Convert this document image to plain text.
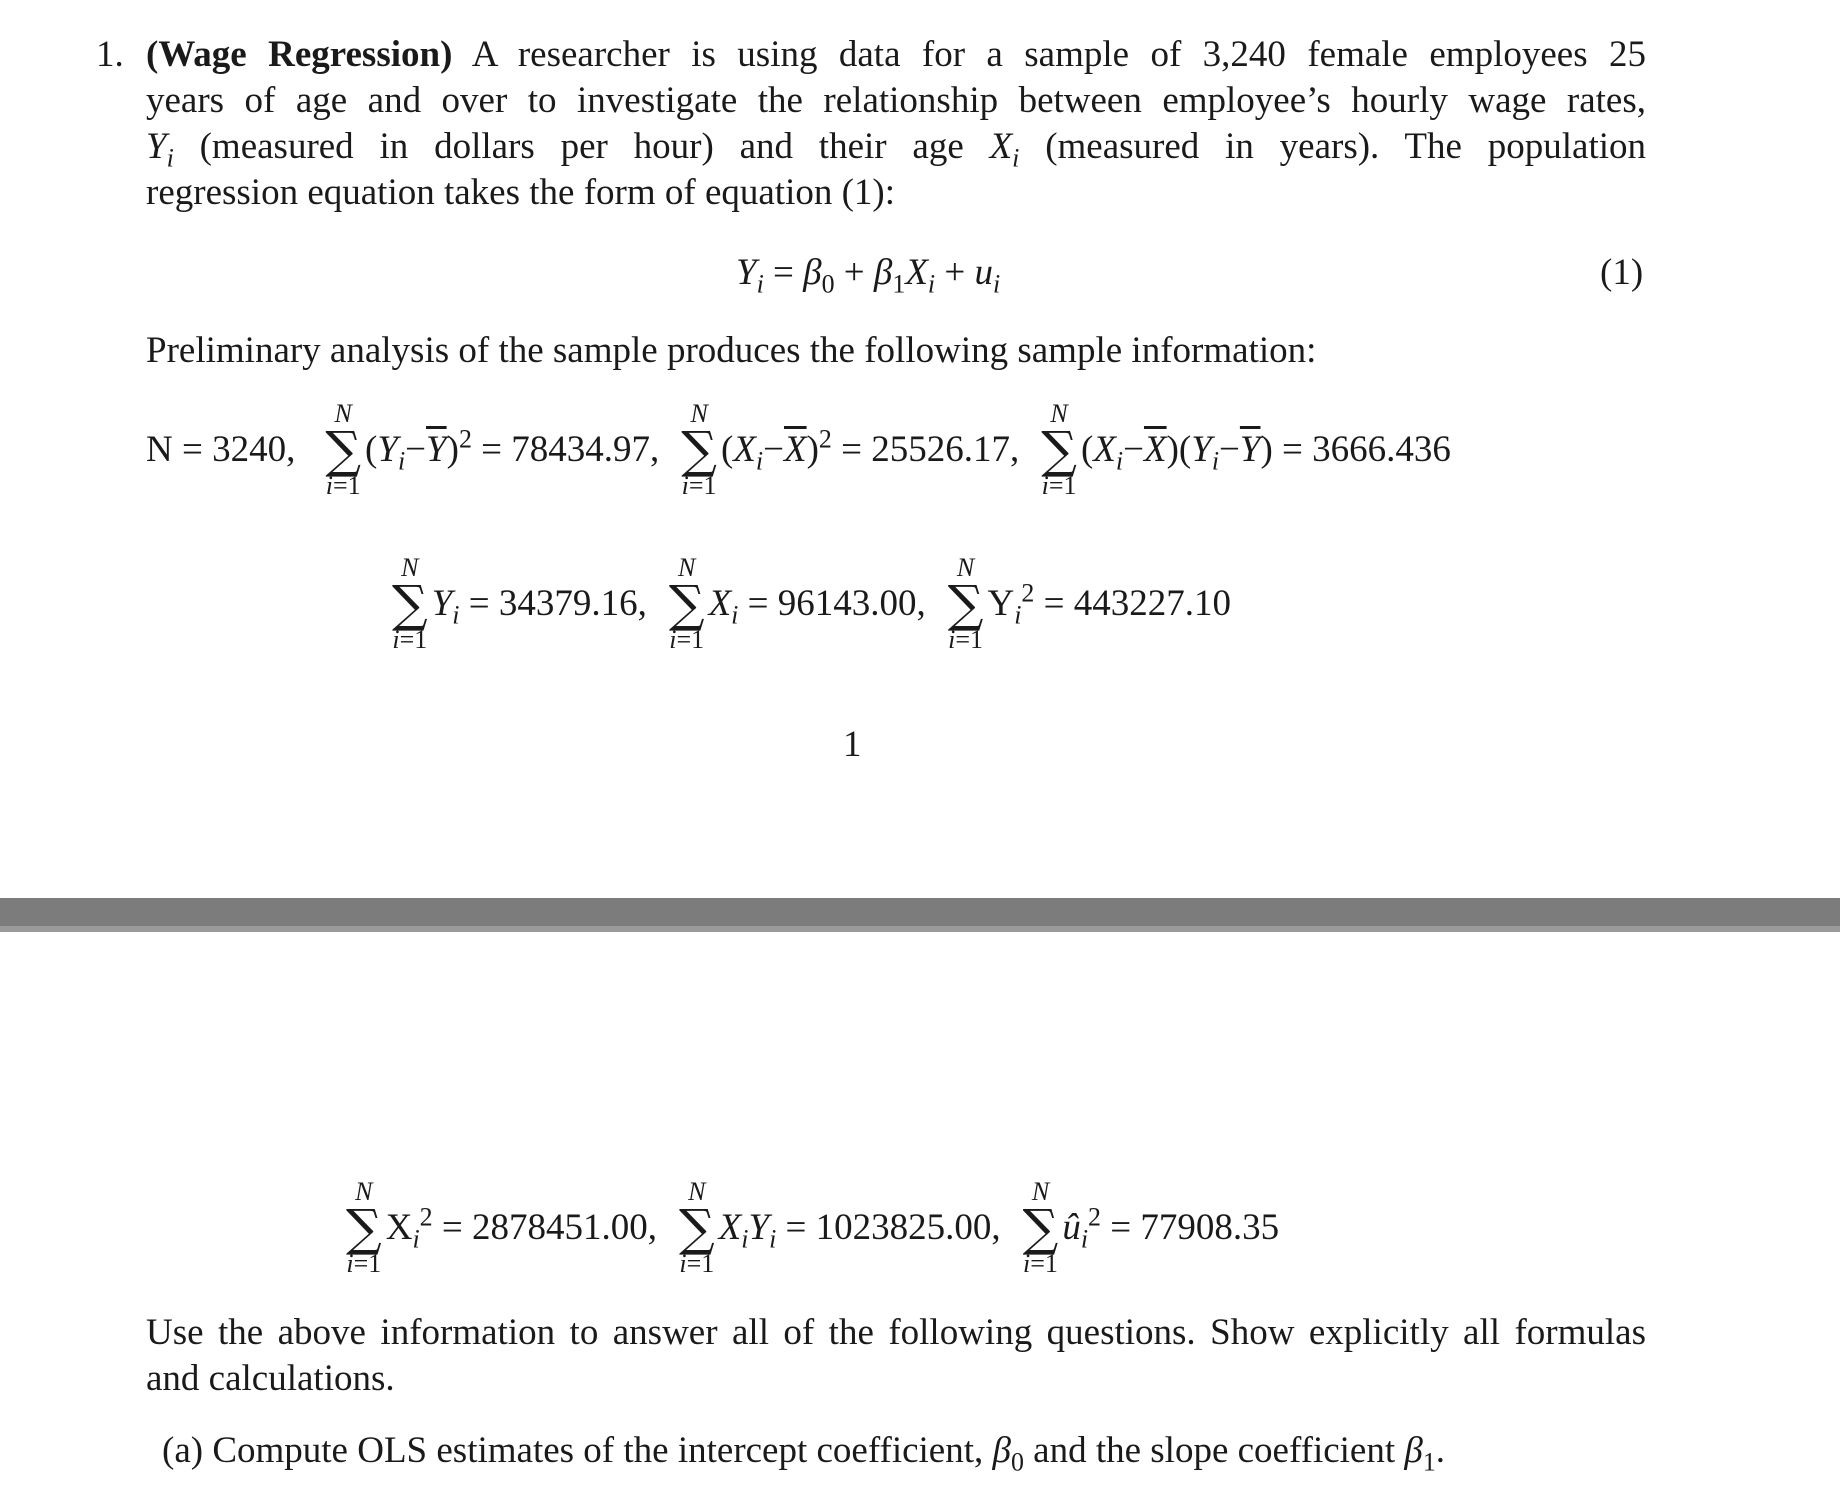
1. (Wage Regression) A researcher is using data for a sample of 3,240 female employees 25
years of age and over to investigate the relationship between employee’s hourly wage rates,
$Y_i$ (measured in dollars per hour) and their age $X_i$ (measured in years). The population
regression equation takes the form of equation (1):
$Y_i = \beta_0 + \beta_1X_i + u_i$	(1)
Preliminary analysis of the sample produces the following sample information:
N = 3240,
N
∑
i=1
$(Y_i-\overline{Y})^2 = 78434.97$,
N
∑
i=1
$(X_i-\overline{X})^2 = 25526.17$,
N
∑
i=1
$(X_i-\overline{X})(Y_i-\overline{Y}) = 3666.436$
N
∑
i=1
$Y_i = 34379.16$,
N
∑
i=1
$X_i = 96143.00$,
N
∑
i=1
$Y_i^2 = 443227.10$
1
N
∑
i=1
$X_i^2 = 2878451.00$,
N
∑
i=1
$X_iY_i = 1023825.00$,
N
∑
i=1
$û_i^2 = 77908.35$
Use the above information to answer all of the following questions. Show explicitly all formulas
and calculations.
(a) Compute OLS estimates of the intercept coefficient, $\beta_0$ and the slope coefficient $\beta_1$.
